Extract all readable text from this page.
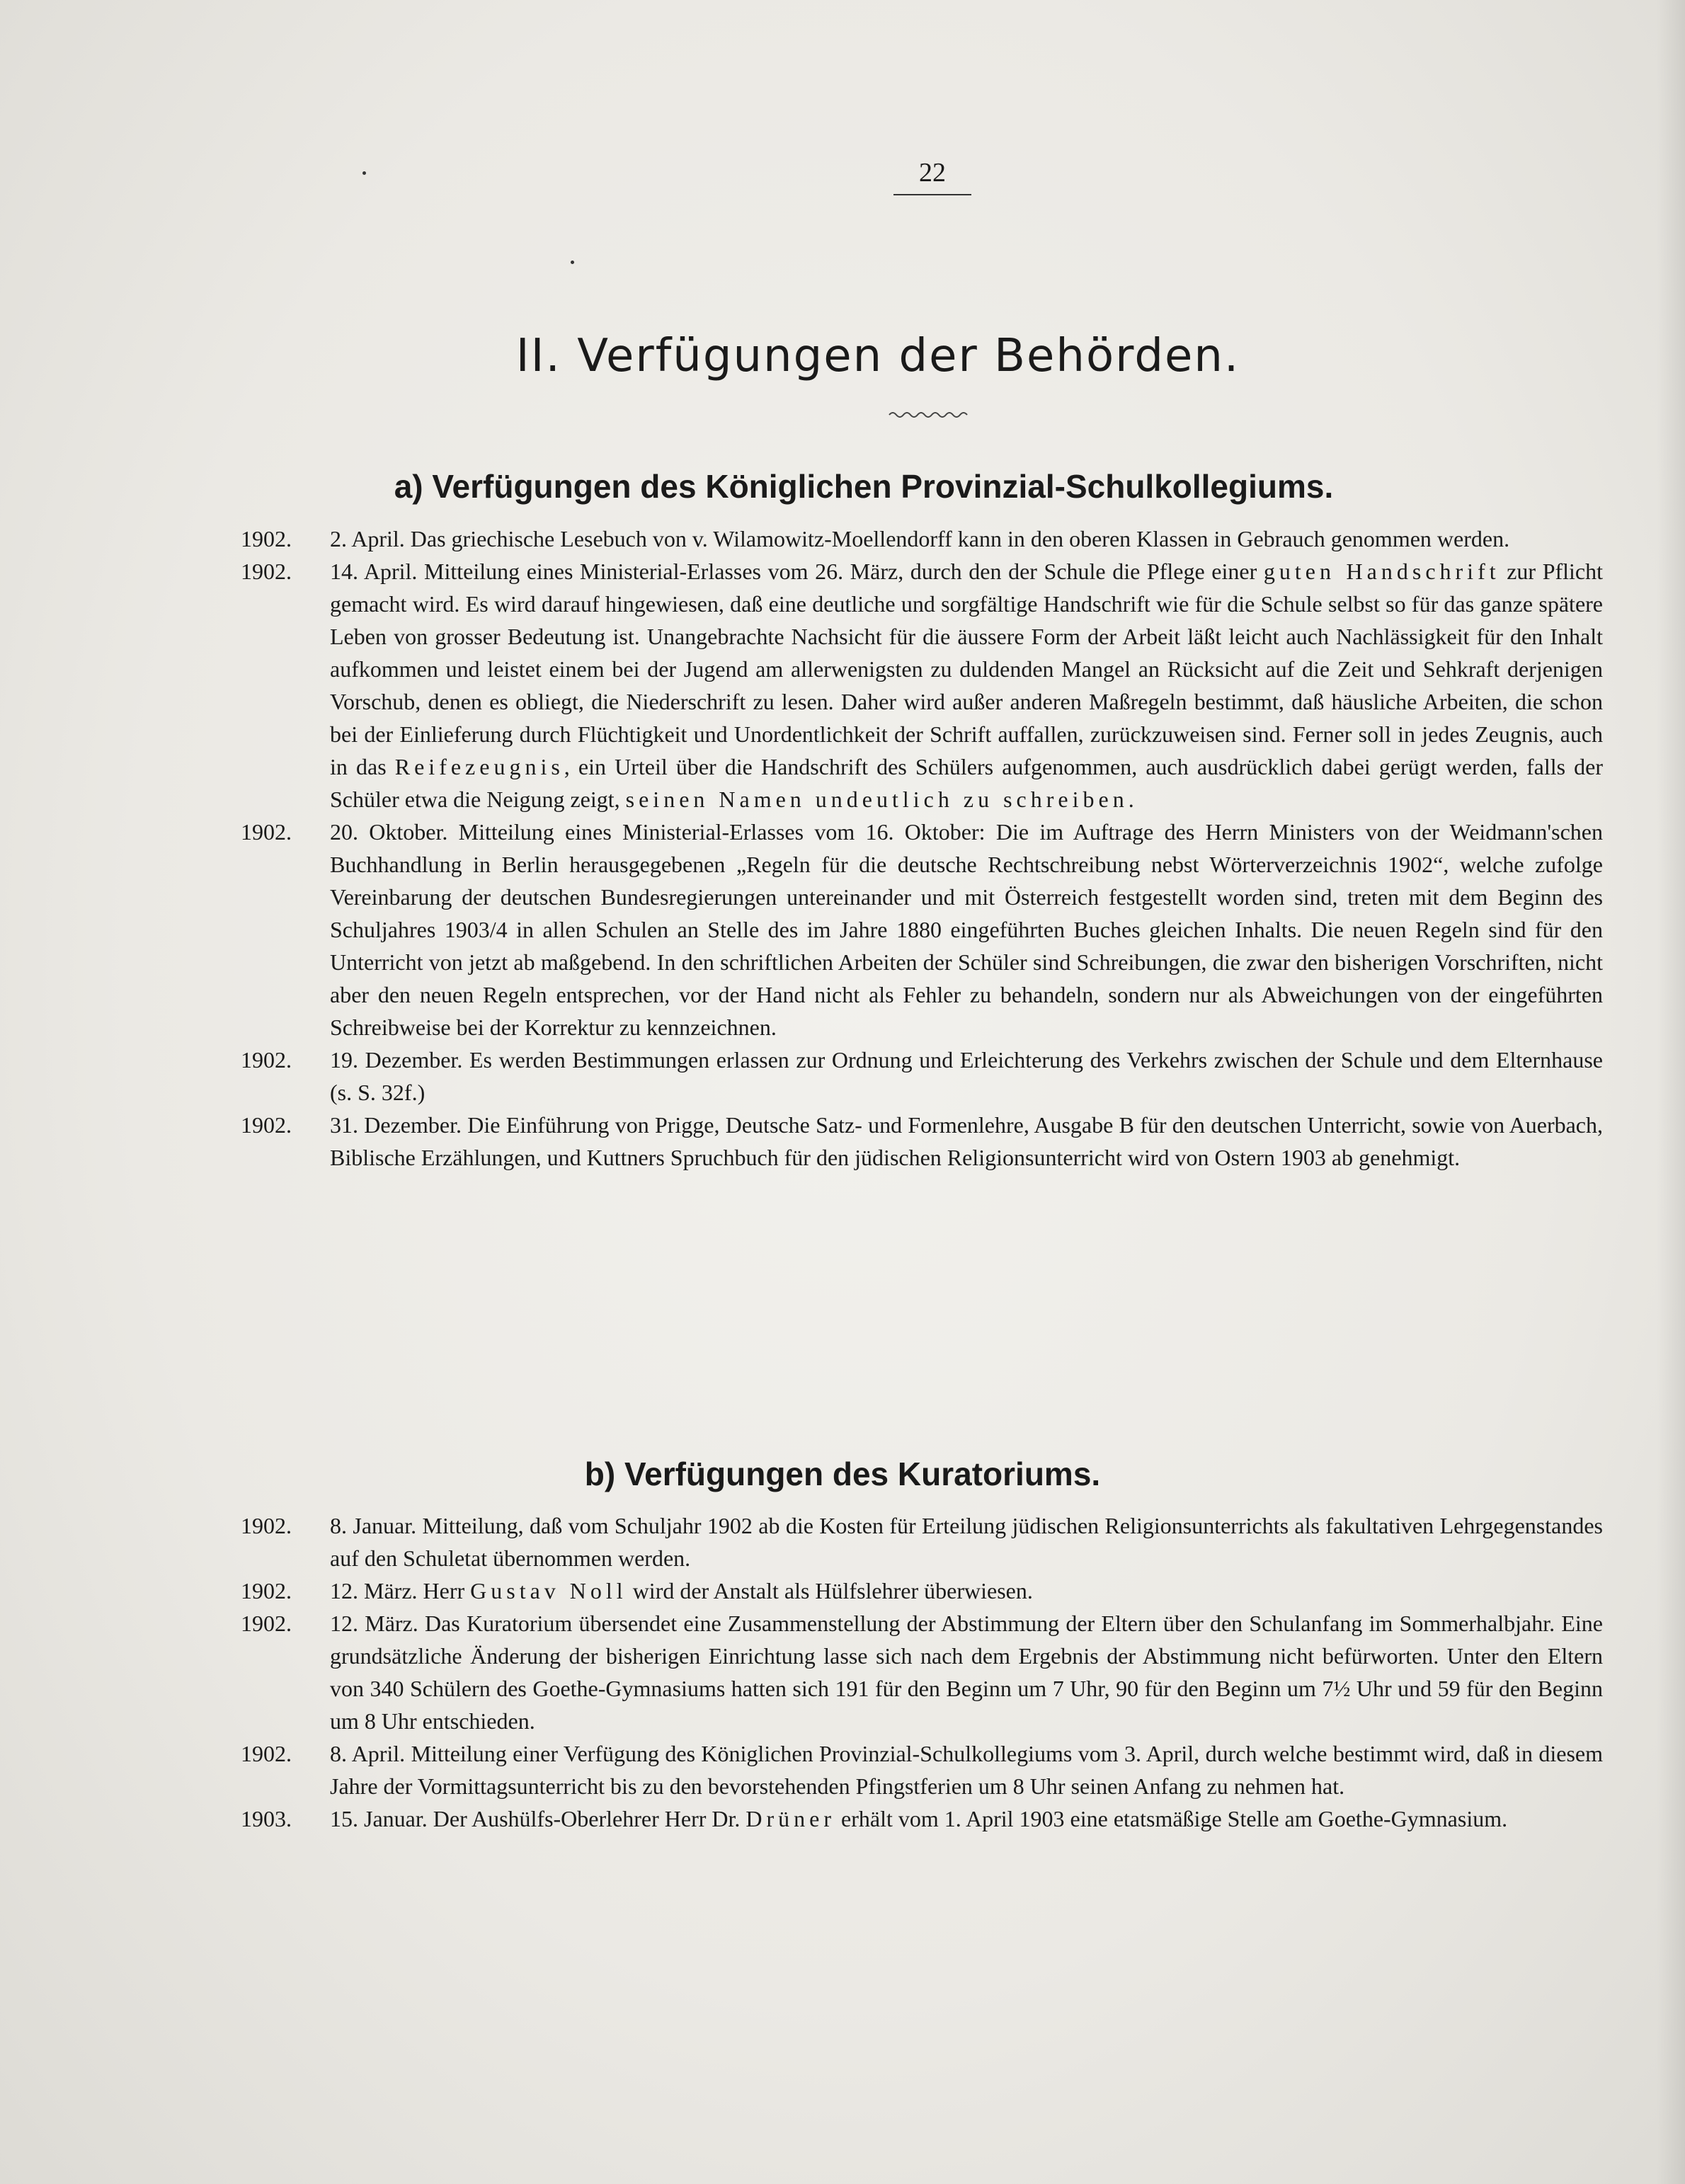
22
II. Verfügungen der Behörden.
a) Verfügungen des Königlichen Provinzial-Schulkollegiums.
1902.	2. April. Das griechische Lesebuch von v. Wilamowitz-Moellendorff kann in den oberen Klassen in Gebrauch genommen werden.
1902.	14. April. Mitteilung eines Ministerial-Erlasses vom 26. März, durch den der Schule die Pflege einer guten Handschrift zur Pflicht gemacht wird. Es wird darauf hingewiesen, daß eine deutliche und sorgfältige Handschrift wie für die Schule selbst so für das ganze spätere Leben von grosser Bedeutung ist. Unangebrachte Nachsicht für die äussere Form der Arbeit läßt leicht auch Nachlässigkeit für den Inhalt aufkommen und leistet einem bei der Jugend am allerwenigsten zu duldenden Mangel an Rücksicht auf die Zeit und Sehkraft derjenigen Vorschub, denen es obliegt, die Niederschrift zu lesen. Daher wird außer anderen Maßregeln bestimmt, daß häusliche Arbeiten, die schon bei der Einlieferung durch Flüchtigkeit und Unordentlichkeit der Schrift auffallen, zurückzuweisen sind. Ferner soll in jedes Zeugnis, auch in das Reifezeugnis, ein Urteil über die Handschrift des Schülers aufgenommen, auch ausdrücklich dabei gerügt werden, falls der Schüler etwa die Neigung zeigt, seinen Namen undeutlich zu schreiben.
1902.	20. Oktober. Mitteilung eines Ministerial-Erlasses vom 16. Oktober: Die im Auftrage des Herrn Ministers von der Weidmann'schen Buchhandlung in Berlin herausgegebenen „Regeln für die deutsche Rechtschreibung nebst Wörterverzeichnis 1902“, welche zufolge Vereinbarung der deutschen Bundesregierungen untereinander und mit Österreich festgestellt worden sind, treten mit dem Beginn des Schuljahres 1903/4 in allen Schulen an Stelle des im Jahre 1880 eingeführten Buches gleichen Inhalts. Die neuen Regeln sind für den Unterricht von jetzt ab maßgebend. In den schriftlichen Arbeiten der Schüler sind Schreibungen, die zwar den bisherigen Vorschriften, nicht aber den neuen Regeln entsprechen, vor der Hand nicht als Fehler zu behandeln, sondern nur als Abweichungen von der eingeführten Schreibweise bei der Korrektur zu kennzeichnen.
1902.	19. Dezember. Es werden Bestimmungen erlassen zur Ordnung und Erleichterung des Verkehrs zwischen der Schule und dem Elternhause (s. S. 32f.)
1902.	31. Dezember. Die Einführung von Prigge, Deutsche Satz- und Formenlehre, Ausgabe B für den deutschen Unterricht, sowie von Auerbach, Biblische Erzählungen, und Kuttners Spruchbuch für den jüdischen Religionsunterricht wird von Ostern 1903 ab genehmigt.
b) Verfügungen des Kuratoriums.
1902.	8. Januar. Mitteilung, daß vom Schuljahr 1902 ab die Kosten für Erteilung jüdischen Religionsunterrichts als fakultativen Lehrgegenstandes auf den Schuletat übernommen werden.
1902.	12. März. Herr Gustav Noll wird der Anstalt als Hülfslehrer überwiesen.
1902.	12. März. Das Kuratorium übersendet eine Zusammenstellung der Abstimmung der Eltern über den Schulanfang im Sommerhalbjahr. Eine grundsätzliche Änderung der bisherigen Einrichtung lasse sich nach dem Ergebnis der Abstimmung nicht befürworten. Unter den Eltern von 340 Schülern des Goethe-Gymnasiums hatten sich 191 für den Beginn um 7 Uhr, 90 für den Beginn um 7½ Uhr und 59 für den Beginn um 8 Uhr entschieden.
1902.	8. April. Mitteilung einer Verfügung des Königlichen Provinzial-Schulkollegiums vom 3. April, durch welche bestimmt wird, daß in diesem Jahre der Vormittagsunterricht bis zu den bevorstehenden Pfingstferien um 8 Uhr seinen Anfang zu nehmen hat.
1903.	15. Januar. Der Aushülfs-Oberlehrer Herr Dr. Drüner erhält vom 1. April 1903 eine etatsmäßige Stelle am Goethe-Gymnasium.
